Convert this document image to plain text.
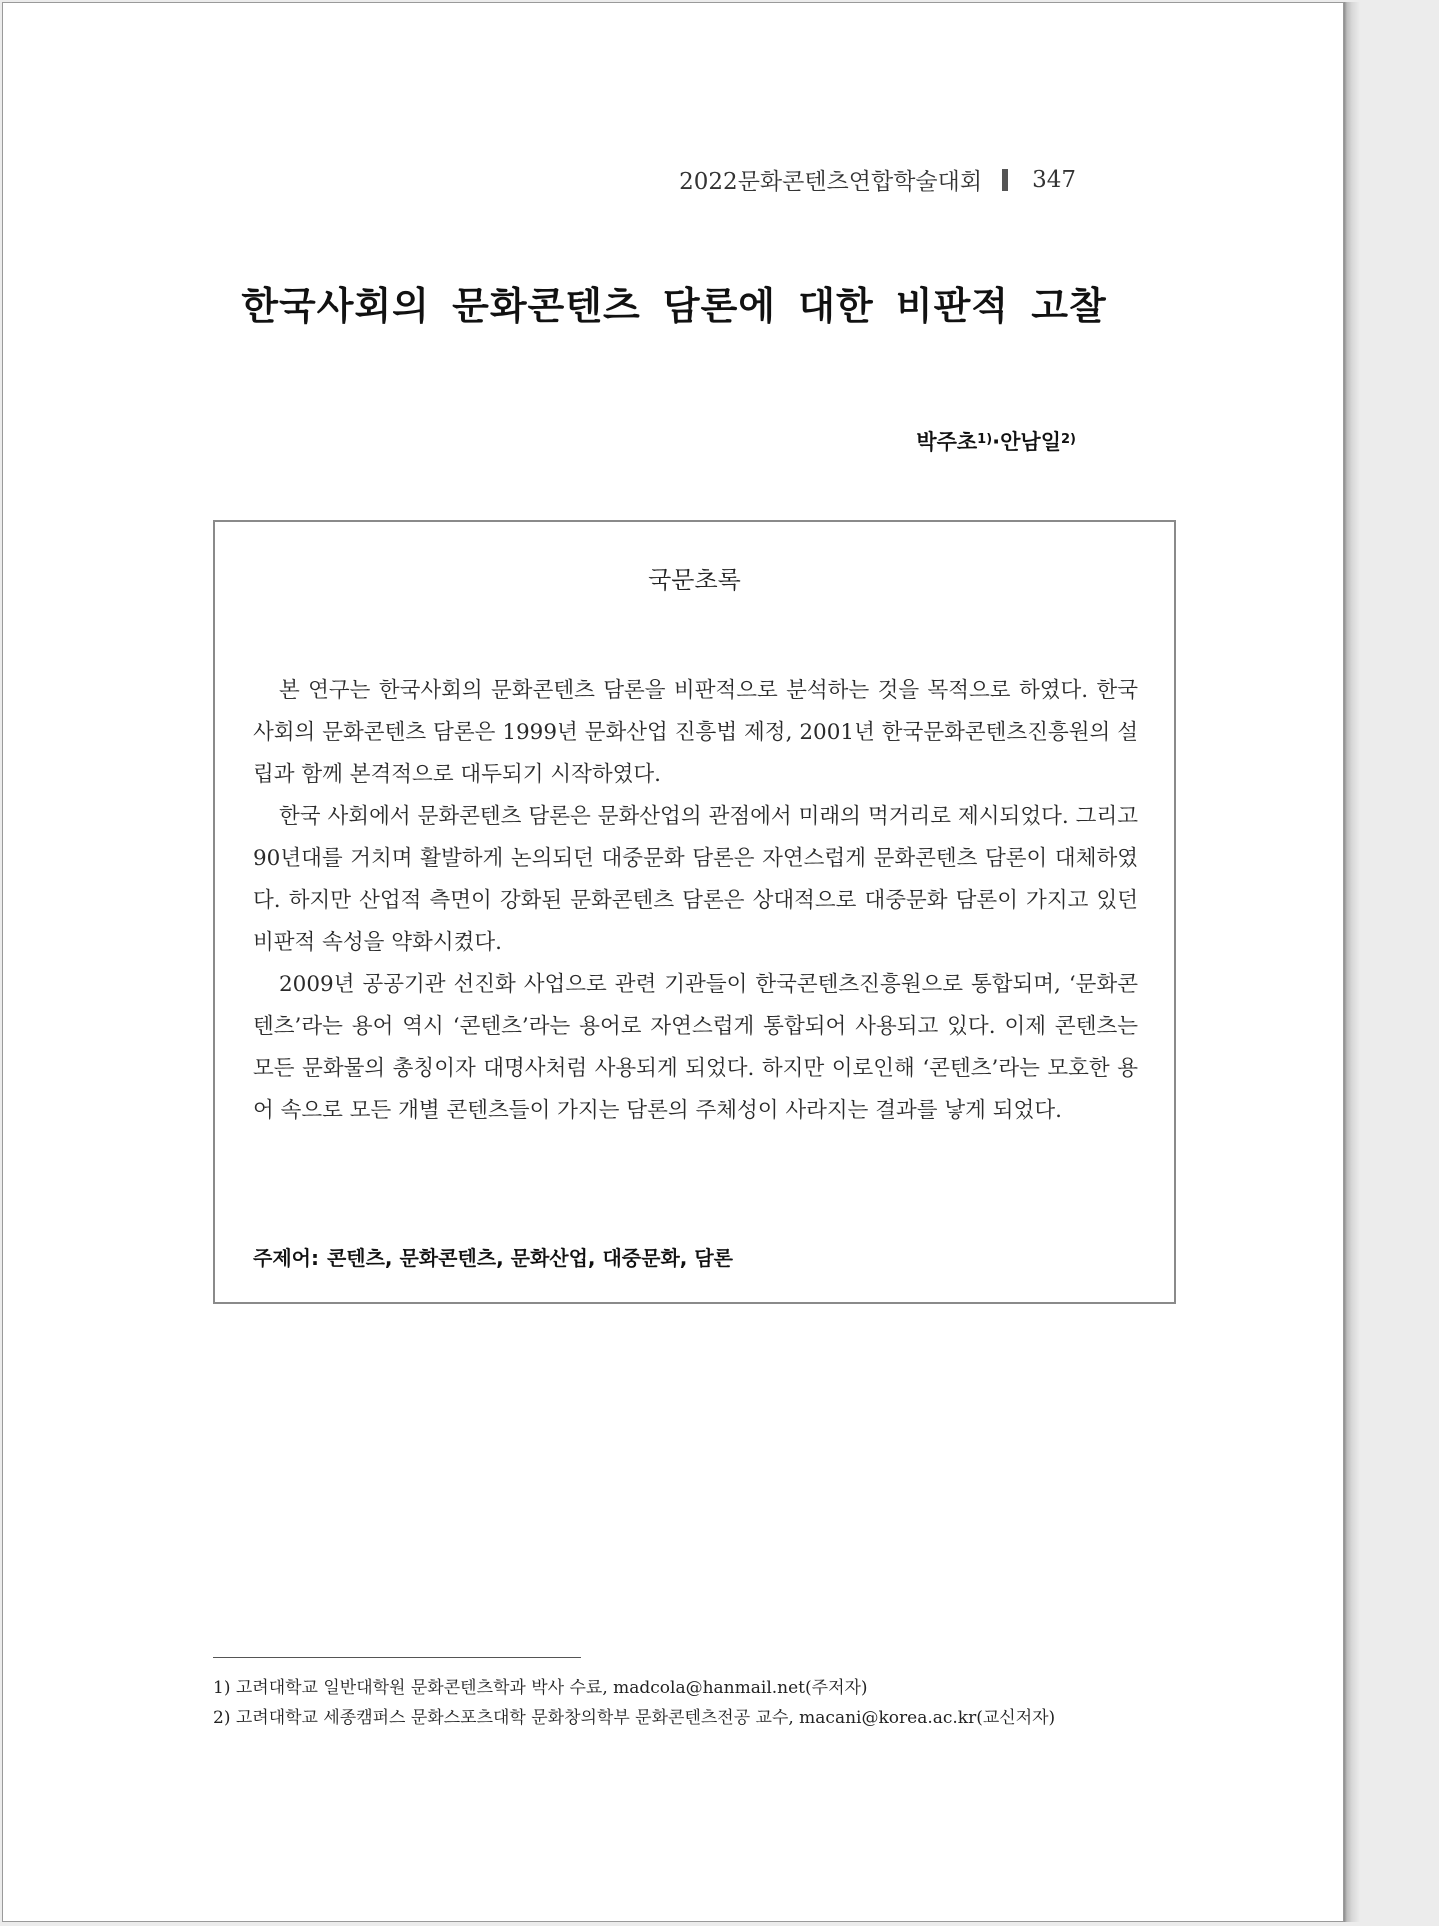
2022문화콘텐츠연합학술대회 347
한국사회의 문화콘텐츠 담론에 대한 비판적 고찰
박주초$^{1)}$·안남일$^{2)}$
국문초록

본 연구는 한국사회의 문화콘텐츠 담론을 비판적으로 분석하는 것을 목적으로 하였다. 한국사회의 문화콘텐츠 담론은 1999년 문화산업 진흥법 제정, 2001년 한국문화콘텐츠진흥원의 설립과 함께 본격적으로 대두되기 시작하였다.

한국 사회에서 문화콘텐츠 담론은 문화산업의 관점에서 미래의 먹거리로 제시되었다. 그리고 90년대를 거치며 활발하게 논의되던 대중문화 담론은 자연스럽게 문화콘텐츠 담론이 대체하였다. 하지만 산업적 측면이 강화된 문화콘텐츠 담론은 상대적으로 대중문화 담론이 가지고 있던 비판적 속성을 약화시켰다.

2009년 공공기관 선진화 사업으로 관련 기관들이 한국콘텐츠진흥원으로 통합되며, ‘문화콘텐츠’라는 용어 역시 ‘콘텐츠’라는 용어로 자연스럽게 통합되어 사용되고 있다. 이제 콘텐츠는 모든 문화물의 총칭이자 대명사처럼 사용되게 되었다. 하지만 이로인해 ‘콘텐츠’라는 모호한 용어 속으로 모든 개별 콘텐츠들이 가지는 담론의 주체성이 사라지는 결과를 낳게 되었다.

주제어: 콘텐츠, 문화콘텐츠, 문화산업, 대중문화, 담론
1) 고려대학교 일반대학원 문화콘텐츠학과 박사 수료, madcola@hanmail.net(주저자)
2) 고려대학교 세종캠퍼스 문화스포츠대학 문화창의학부 문화콘텐츠전공 교수, macani@korea.ac.kr(교신저자)
